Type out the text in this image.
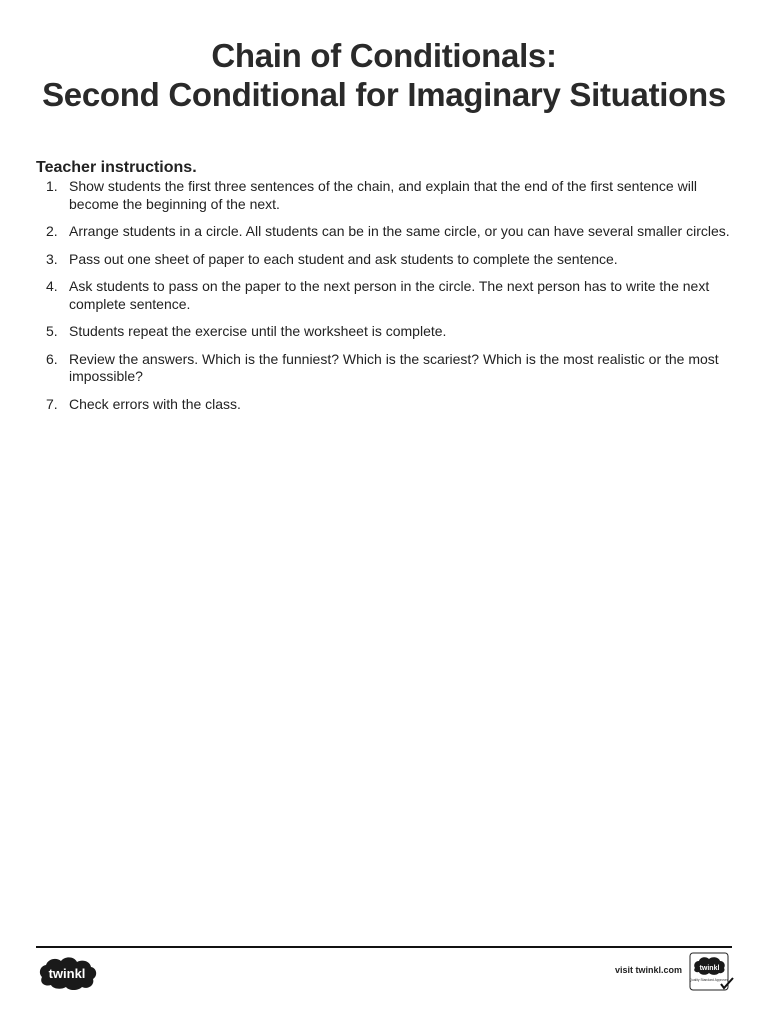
Chain of Conditionals:
Second Conditional for Imaginary Situations
Teacher instructions.
1. Show students the first three sentences of the chain, and explain that the end of the first sentence will become the beginning of the next.
2. Arrange students in a circle. All students can be in the same circle, or you can have several smaller circles.
3. Pass out one sheet of paper to each student and ask students to complete the sentence.
4. Ask students to pass on the paper to the next person in the circle. The next person has to write the next complete sentence.
5. Students repeat the exercise until the worksheet is complete.
6. Review the answers. Which is the funniest? Which is the scariest? Which is the most realistic or the most impossible?
7. Check errors with the class.
twinkl	visit twinkl.com	twinkl
Quality Standard Approved
